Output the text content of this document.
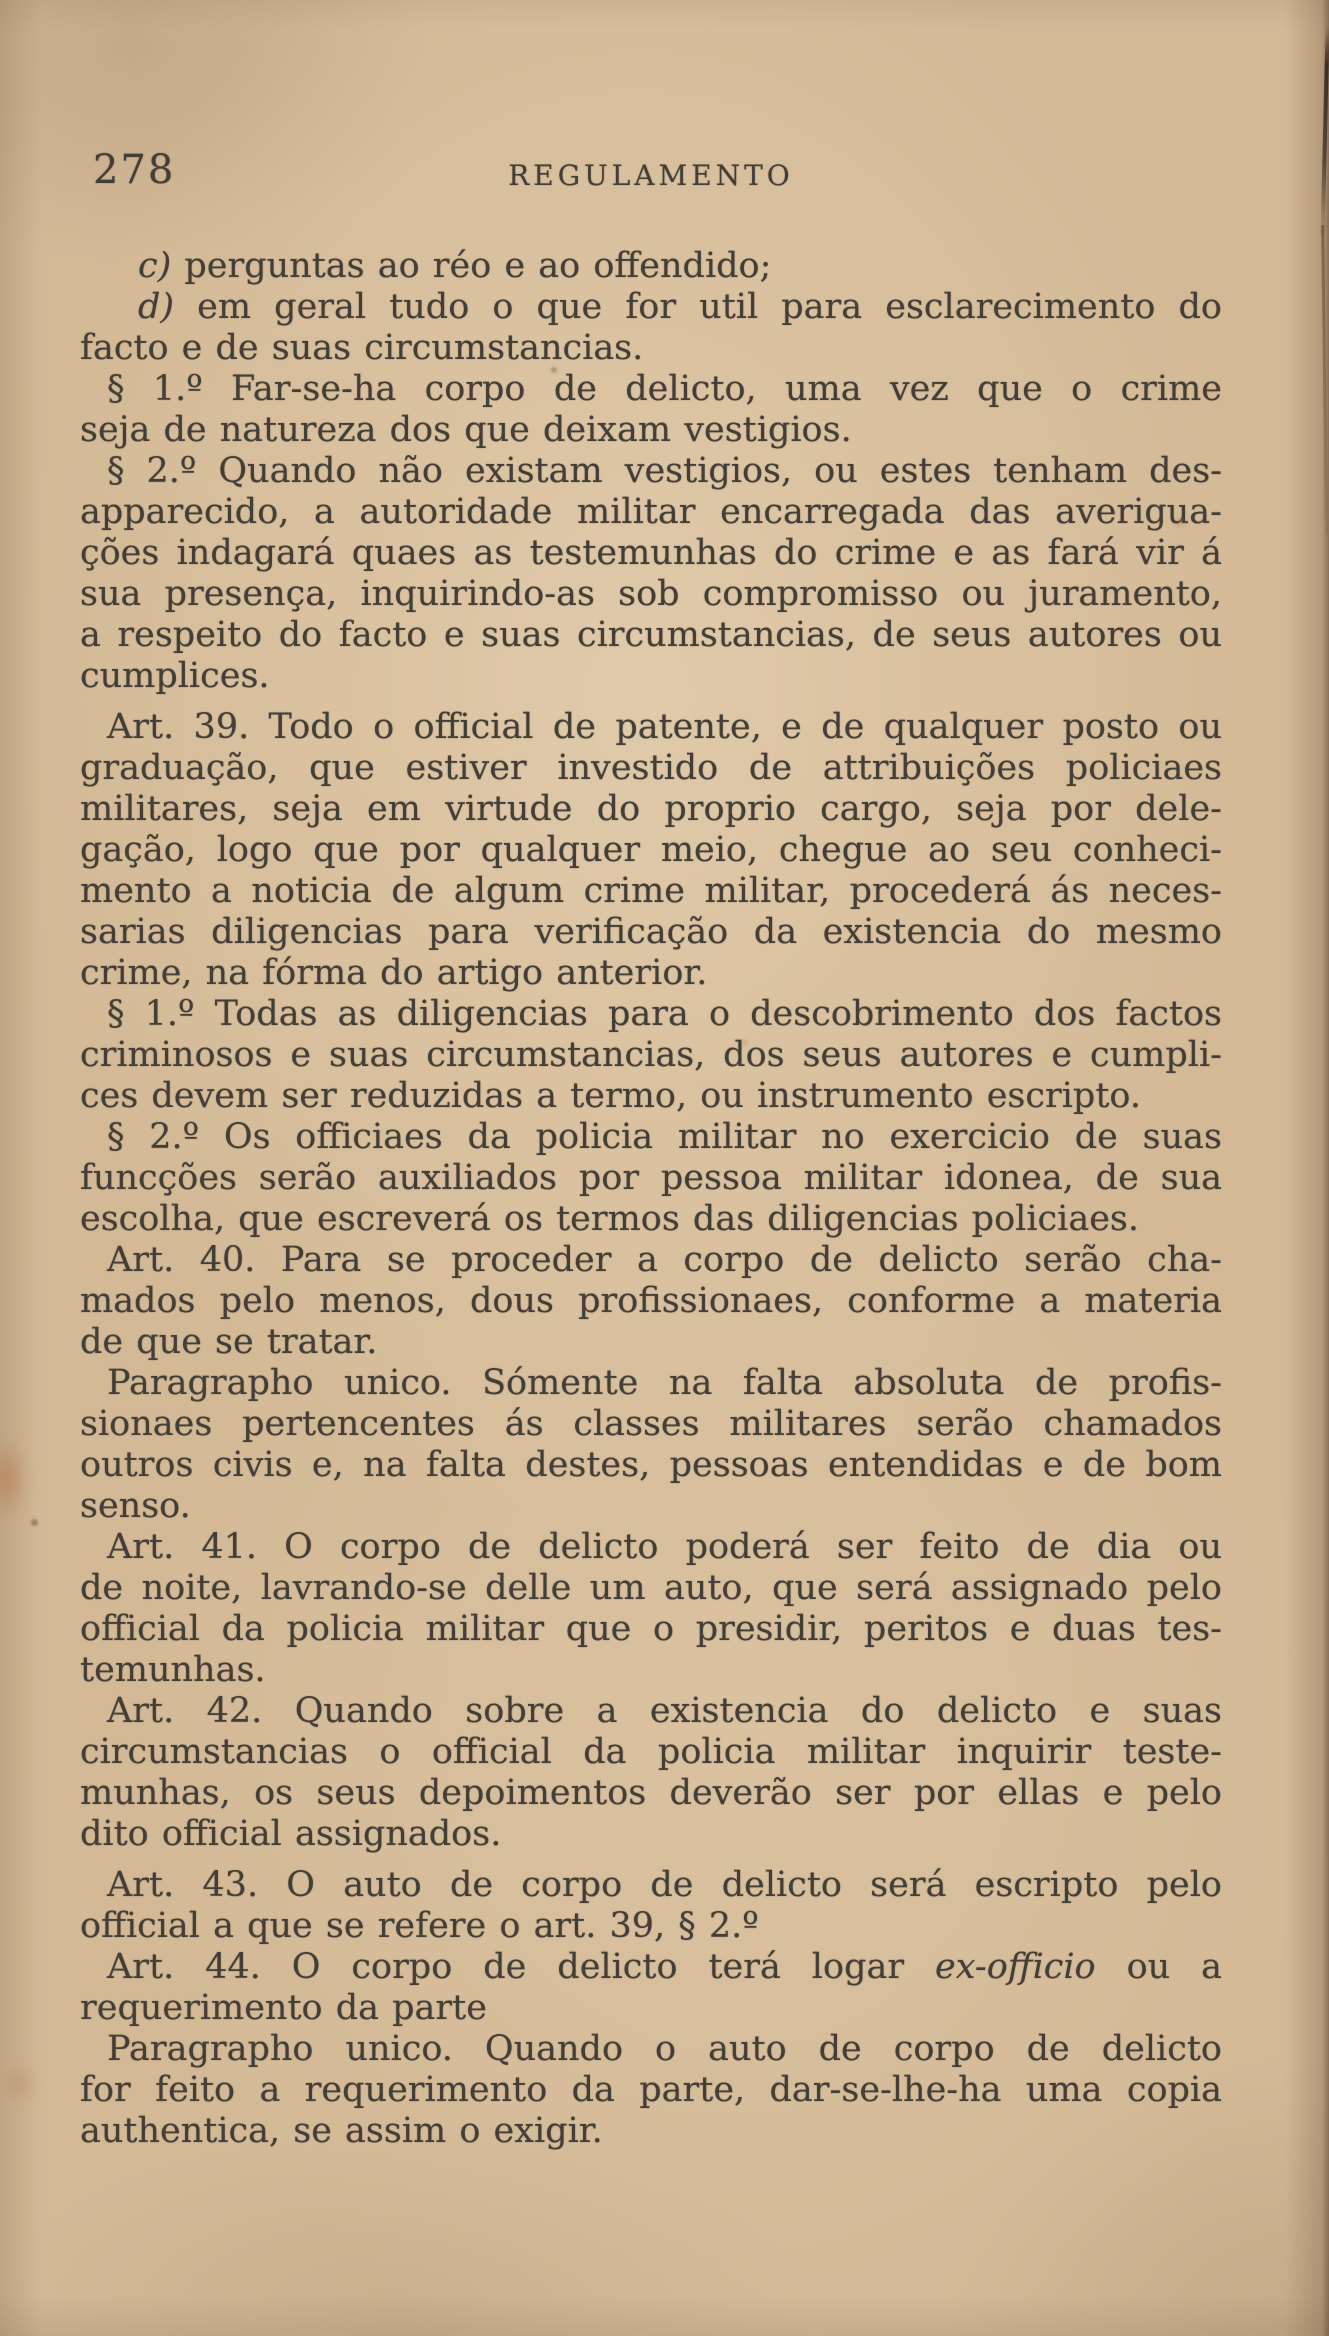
278	REGULAMENTO
c) perguntas ao réo e ao offendido;
d) em geral tudo o que for util para esclarecimento do
facto e de suas circumstancias.
§ 1.º Far-se-ha corpo de delicto, uma vez que o crime
seja de natureza dos que deixam vestigios.
§ 2.º Quando não existam vestigios, ou estes tenham des-
apparecido, a autoridade militar encarregada das averigua-
ções indagará quaes as testemunhas do crime e as fará vir á
sua presença, inquirindo-as sob compromisso ou juramento,
a respeito do facto e suas circumstancias, de seus autores ou
cumplices.
Art. 39. Todo o official de patente, e de qualquer posto ou
graduação, que estiver investido de attribuições policiaes
militares, seja em virtude do proprio cargo, seja por dele-
gação, logo que por qualquer meio, chegue ao seu conheci-
mento a noticia de algum crime militar, procederá ás neces-
sarias diligencias para verificação da existencia do mesmo
crime, na fórma do artigo anterior.
§ 1.º Todas as diligencias para o descobrimento dos factos
criminosos e suas circumstancias, dos seus autores e cumpli-
ces devem ser reduzidas a termo, ou instrumento escripto.
§ 2.º Os officiaes da policia militar no exercicio de suas
funcções serão auxiliados por pessoa militar idonea, de sua
escolha, que escreverá os termos das diligencias policiaes.
Art. 40. Para se proceder a corpo de delicto serão cha-
mados pelo menos, dous profissionaes, conforme a materia
de que se tratar.
Paragrapho unico. Sómente na falta absoluta de profis-
sionaes pertencentes ás classes militares serão chamados
outros civis e, na falta destes, pessoas entendidas e de bom
senso.
Art. 41. O corpo de delicto poderá ser feito de dia ou
de noite, lavrando-se delle um auto, que será assignado pelo
official da policia militar que o presidir, peritos e duas tes-
temunhas.
Art. 42. Quando sobre a existencia do delicto e suas
circumstancias o official da policia militar inquirir teste-
munhas, os seus depoimentos deverão ser por ellas e pelo
dito official assignados.
Art. 43. O auto de corpo de delicto será escripto pelo
official a que se refere o art. 39, § 2.º
Art. 44. O corpo de delicto terá logar ex-officio ou a
requerimento da parte
Paragrapho unico. Quando o auto de corpo de delicto
for feito a requerimento da parte, dar-se-lhe-ha uma copia
authentica, se assim o exigir.
